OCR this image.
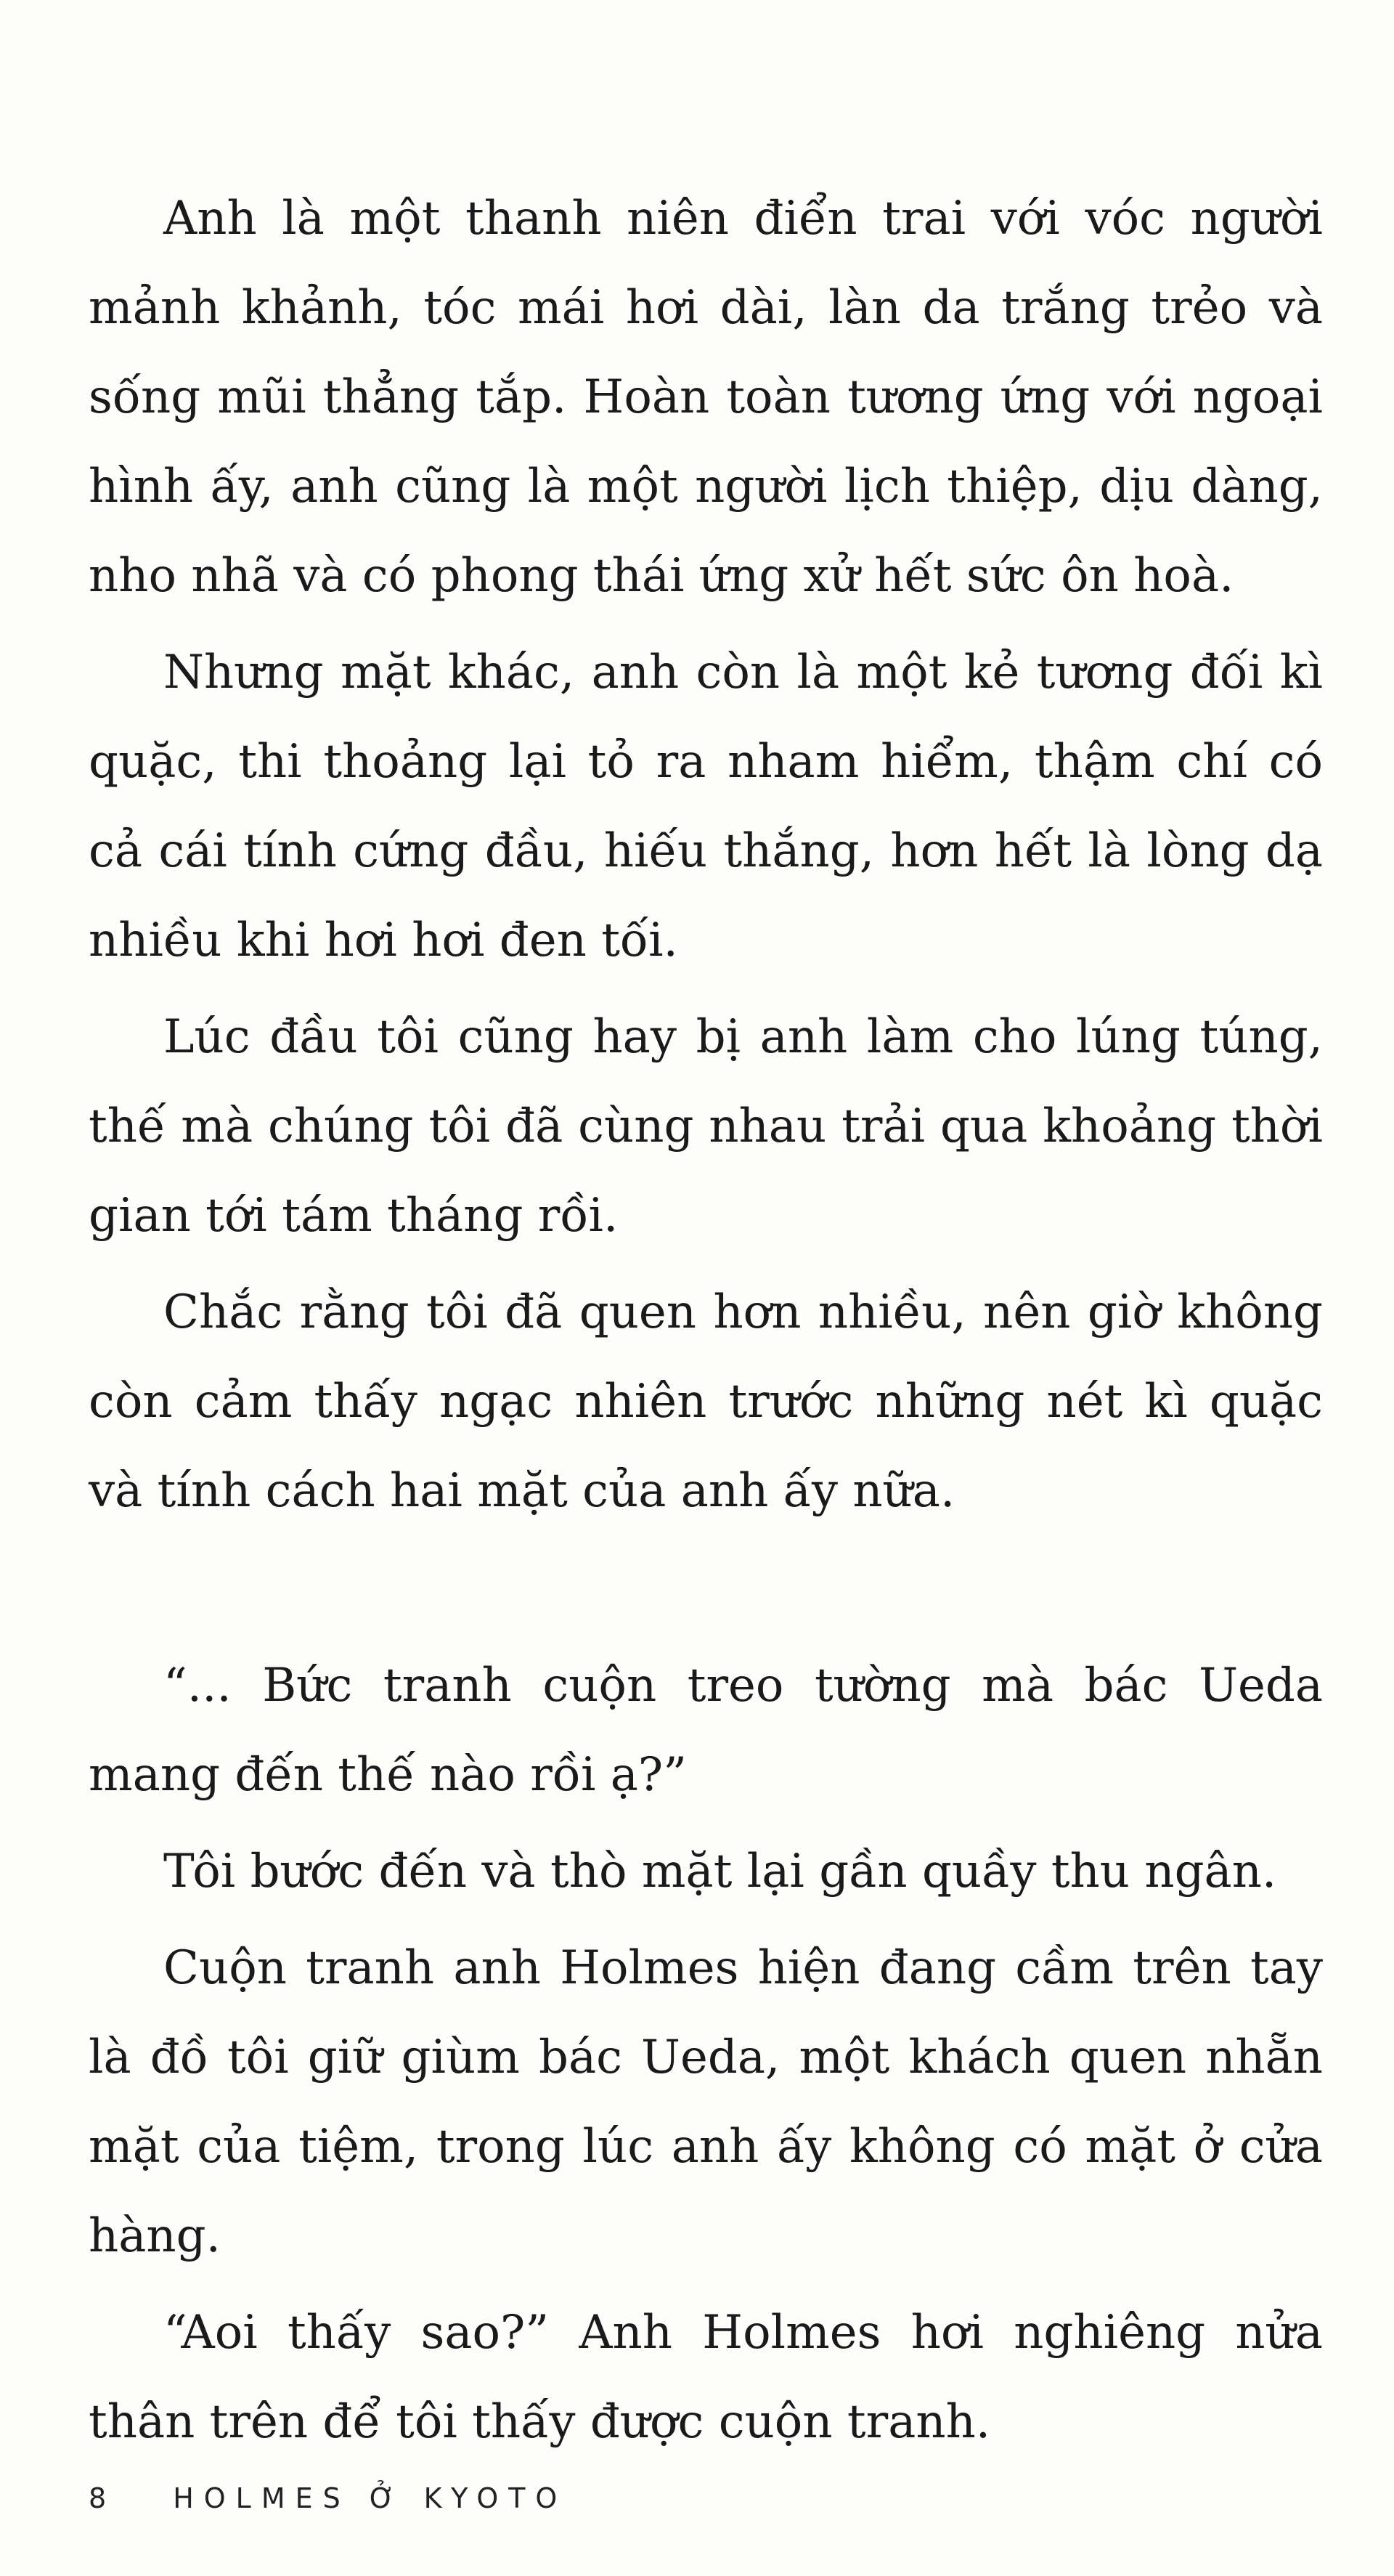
Anh là một thanh niên điển trai với vóc người mảnh khảnh, tóc mái hơi dài, làn da trắng trẻo và sống mũi thẳng tắp. Hoàn toàn tương ứng với ngoại hình ấy, anh cũng là một người lịch thiệp, dịu dàng, nho nhã và có phong thái ứng xử hết sức ôn hoà.

Nhưng mặt khác, anh còn là một kẻ tương đối kì quặc, thi thoảng lại tỏ ra nham hiểm, thậm chí có cả cái tính cứng đầu, hiếu thắng, hơn hết là lòng dạ nhiều khi hơi hơi đen tối.

Lúc đầu tôi cũng hay bị anh làm cho lúng túng, thế mà chúng tôi đã cùng nhau trải qua khoảng thời gian tới tám tháng rồi.

Chắc rằng tôi đã quen hơn nhiều, nên giờ không còn cảm thấy ngạc nhiên trước những nét kì quặc và tính cách hai mặt của anh ấy nữa.

“... Bức tranh cuộn treo tường mà bác Ueda mang đến thế nào rồi ạ?”

Tôi bước đến và thò mặt lại gần quầy thu ngân.

Cuộn tranh anh Holmes hiện đang cầm trên tay là đồ tôi giữ giùm bác Ueda, một khách quen nhẵn mặt của tiệm, trong lúc anh ấy không có mặt ở cửa hàng.

“Aoi thấy sao?” Anh Holmes hơi nghiêng nửa thân trên để tôi thấy được cuộn tranh.

8 HOLMES Ở KYOTO
